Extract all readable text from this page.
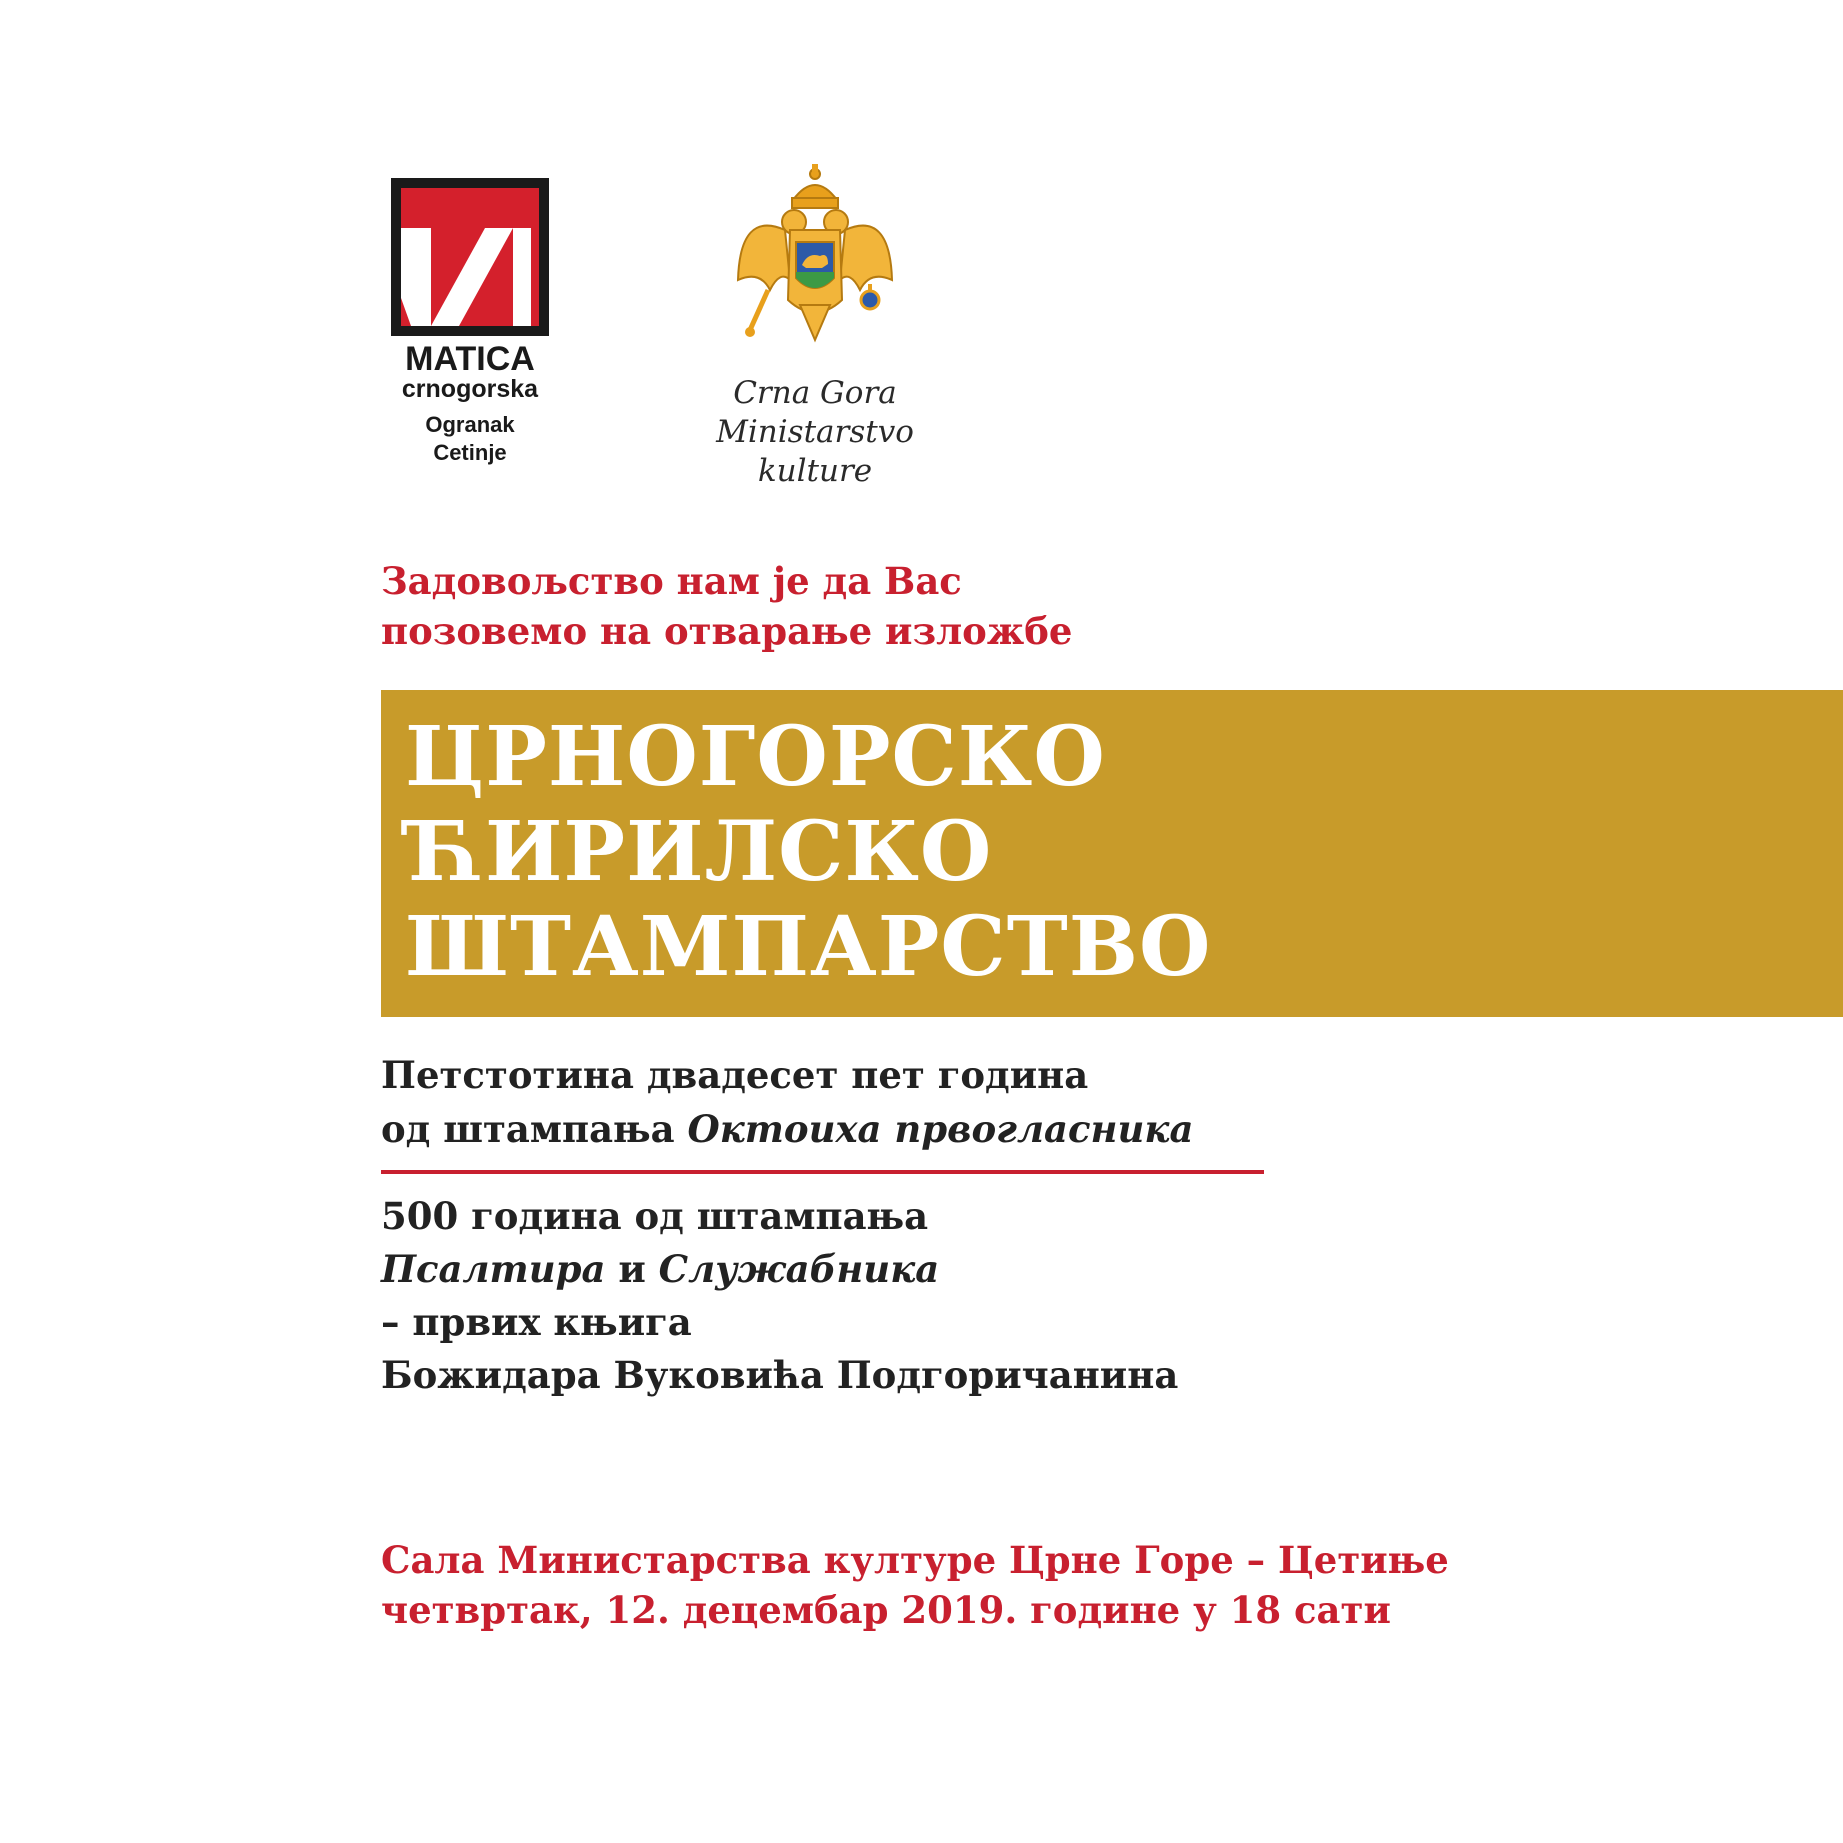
MATICA
crnogorska
Ogranak
Cetinje
Crna Gora
Ministarstvo kulture
Задовољство нам је да Вас
позовемо на отварање изложбе
ЦРНОГОРСКО
ЋИРИЛСКО
ШТАМПАРСТВО
Петстотина двадесет пет година
од штампања Октоиха првогласника
500 година од штампања
Псалтира и Служабника
– првих књига
Божидара Вуковића Подгоричанина
Сала Министарства културе Црне Горе – Цетиње
четвртак, 12. децембар 2019. године у 18 сати
